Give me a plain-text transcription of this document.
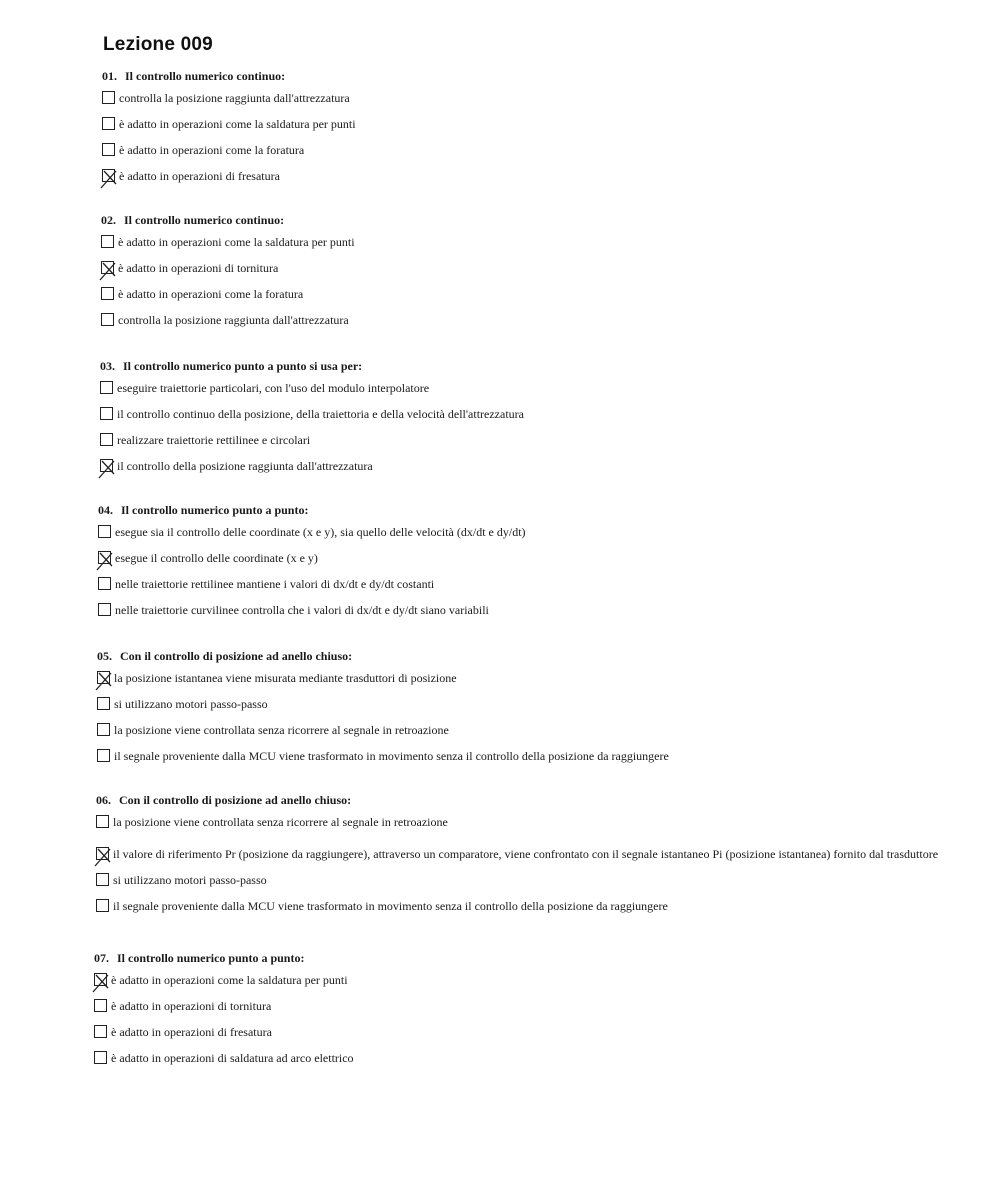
Lezione 009
01. Il controllo numerico continuo:
controlla la posizione raggiunta dall'attrezzatura
è adatto in operazioni come la saldatura per punti
è adatto in operazioni come la foratura
è adatto in operazioni di fresatura
02. Il controllo numerico continuo:
è adatto in operazioni come la saldatura per punti
è adatto in operazioni di tornitura
è adatto in operazioni come la foratura
controlla la posizione raggiunta dall'attrezzatura
03. Il controllo numerico punto a punto si usa per:
eseguire traiettorie particolari, con l'uso del modulo interpolatore
il controllo continuo della posizione, della traiettoria e della velocità dell'attrezzatura
realizzare traiettorie rettilinee e circolari
il controllo della posizione raggiunta dall'attrezzatura
04. Il controllo numerico punto a punto:
esegue sia il controllo delle coordinate (x e y), sia quello delle velocità (dx/dt e dy/dt)
esegue il controllo delle coordinate (x e y)
nelle traiettorie rettilinee mantiene i valori di dx/dt e dy/dt costanti
nelle traiettorie curvilinee controlla che i valori di dx/dt e dy/dt siano variabili
05. Con il controllo di posizione ad anello chiuso:
la posizione istantanea viene misurata mediante trasduttori di posizione
si utilizzano motori passo-passo
la posizione viene controllata senza ricorrere al segnale in retroazione
il segnale proveniente dalla MCU viene trasformato in movimento senza il controllo della posizione da raggiungere
06. Con il controllo di posizione ad anello chiuso:
la posizione viene controllata senza ricorrere al segnale in retroazione
il valore di riferimento Pr (posizione da raggiungere), attraverso un comparatore, viene confrontato con il segnale istantaneo Pi (posizione istantanea) fornito dal trasduttore
si utilizzano motori passo-passo
il segnale proveniente dalla MCU viene trasformato in movimento senza il controllo della posizione da raggiungere
07. Il controllo numerico punto a punto:
è adatto in operazioni come la saldatura per punti
è adatto in operazioni di tornitura
è adatto in operazioni di fresatura
è adatto in operazioni di saldatura ad arco elettrico
